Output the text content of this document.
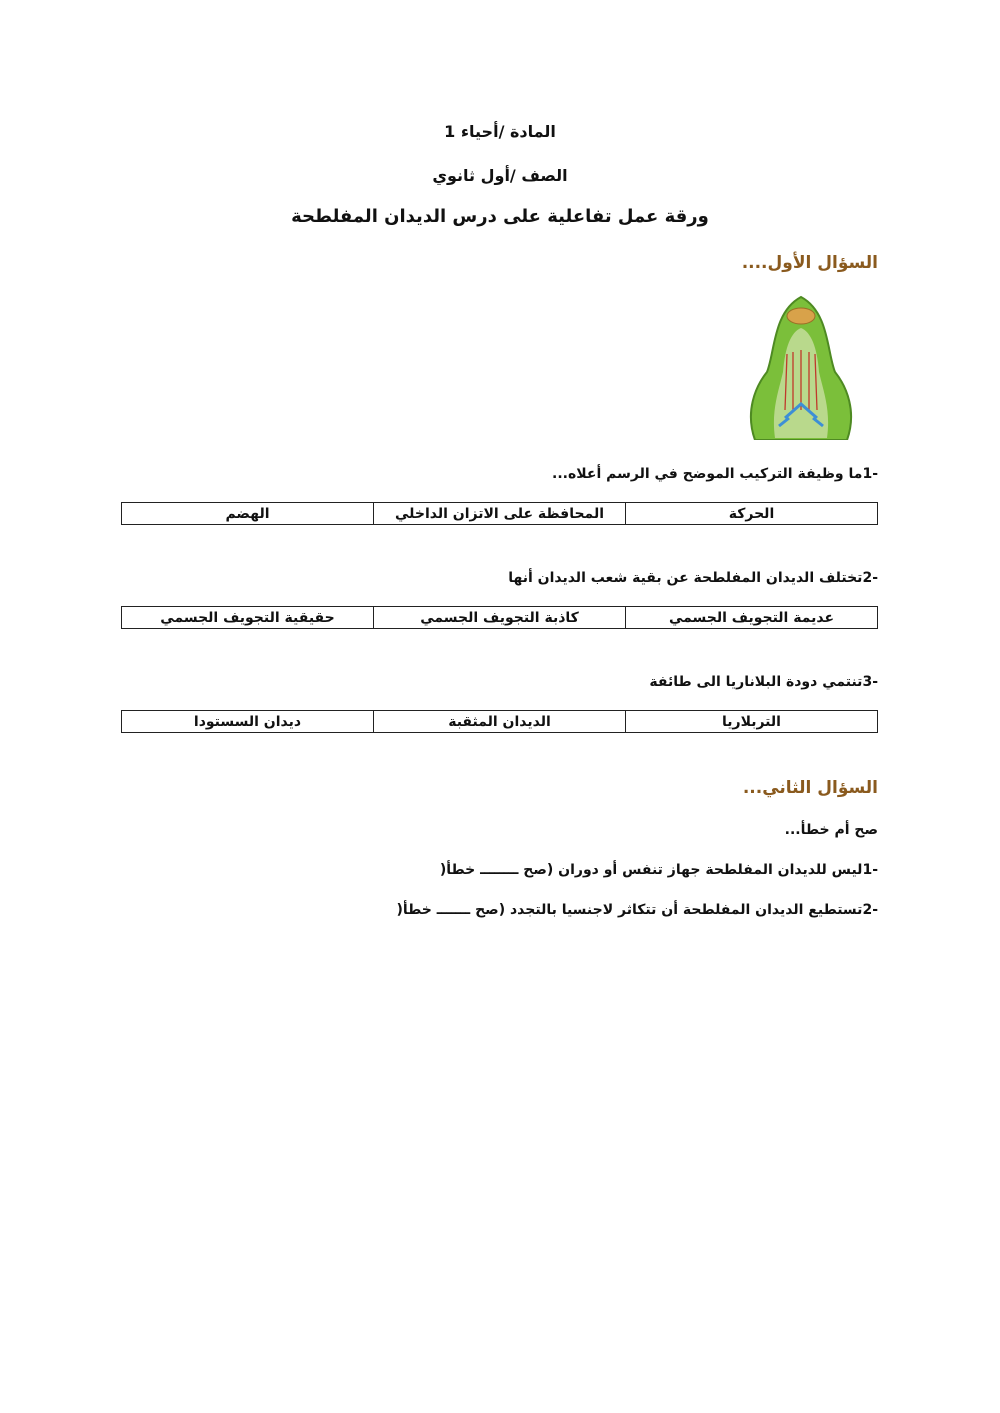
المادة /أحياء 1
الصف /أول ثانوي
ورقة عمل تفاعلية على درس الديدان المفلطحة
السؤال الأول....
-1ما وظيفة التركيب الموضح في الرسم أعلاه...
الحركة	المحافظة على الاتزان الداخلي	الهضم
-2تختلف الديدان المفلطحة عن بقية شعب الديدان أنها
عديمة التجويف الجسمي	كاذبة التجويف الجسمي	حقيقية التجويف الجسمي
-3تنتمي دودة البلاناريا الى طائفة
التربلاريا	الديدان المثقبة	ديدان السستودا
السؤال الثاني...
صح أم خطأ...
-1ليس للديدان المفلطحة جهاز تنفس أو دوران (صح ــــــــ خطأ(
-2تستطيع الديدان المفلطحة أن تتكاثر لاجنسيا بالتجدد (صح ـــــــ خطأ(
